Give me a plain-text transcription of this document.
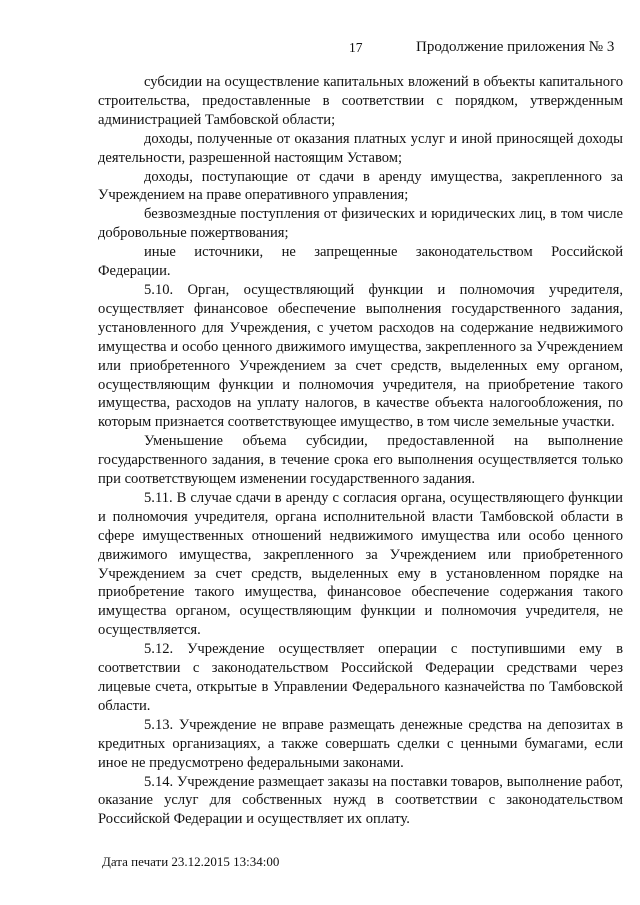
17	Продолжение приложения № 3

субсидии на осуществление капитальных вложений в объекты капитального строительства, предоставленные в соответствии с порядком, утвержденным администрацией Тамбовской области;

доходы, полученные от оказания платных услуг и иной приносящей доходы деятельности, разрешенной настоящим Уставом;

доходы, поступающие от сдачи в аренду имущества, закрепленного за Учреждением на праве оперативного управления;

безвозмездные поступления от физических и юридических лиц, в том числе добровольные пожертвования;

иные источники, не запрещенные законодательством Российской Федерации.

5.10. Орган, осуществляющий функции и полномочия учредителя, осуществляет финансовое обеспечение выполнения государственного задания, установленного для Учреждения, с учетом расходов на содержание недвижимого имущества и особо ценного движимого имущества, закрепленного за Учреждением или приобретенного Учреждением за счет средств, выделенных ему органом, осуществляющим функции и полномочия учредителя, на приобретение такого имущества, расходов на уплату налогов, в качестве объекта налогообложения, по которым признается соответствующее имущество, в том числе земельные участки.

Уменьшение объема субсидии, предоставленной на выполнение государственного задания, в течение срока его выполнения осуществляется только при соответствующем изменении государственного задания.

5.11. В случае сдачи в аренду с согласия органа, осуществляющего функции и полномочия учредителя, органа исполнительной власти Тамбовской области в сфере имущественных отношений недвижимого имущества или особо ценного движимого имущества, закрепленного за Учреждением или приобретенного Учреждением за счет средств, выделенных ему в установленном порядке на приобретение такого имущества, финансовое обеспечение содержания такого имущества органом, осуществляющим функции и полномочия учредителя, не осуществляется.

5.12. Учреждение осуществляет операции с поступившими ему в соответствии с законодательством Российской Федерации средствами через лицевые счета, открытые в Управлении Федерального казначейства по Тамбовской области.

5.13. Учреждение не вправе размещать денежные средства на депозитах в кредитных организациях, а также совершать сделки с ценными бумагами, если иное не предусмотрено федеральными законами.

5.14. Учреждение размещает заказы на поставки товаров, выполнение работ, оказание услуг для собственных нужд в соответствии с законодательством Российской Федерации и осуществляет их оплату.

Дата печати 23.12.2015 13:34:00
